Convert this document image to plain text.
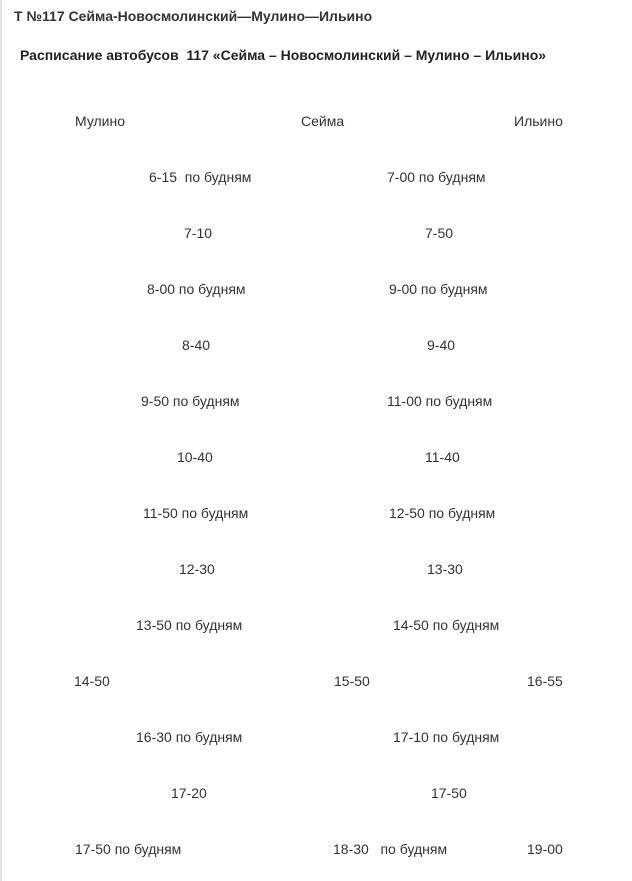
Т №117 Сейма-Новосмолинский—Мулино—Ильино
Расписание автобусов  117 «Сейма – Новосмолинский – Мулино – Ильино»
Мулино	Сейма	Ильино
6-15  по будням	7-00 по будням
7-10	7-50
8-00 по будням	9-00 по будням
8-40	9-40
9-50 по будням	11-00 по будням
10-40	11-40
11-50 по будням	12-50 по будням
12-30	13-30
13-50 по будням	14-50 по будням
14-50	15-50	16-55
16-30 по будням	17-10 по будням
17-20	17-50
17-50 по будням	18-30   по будням	19-00
